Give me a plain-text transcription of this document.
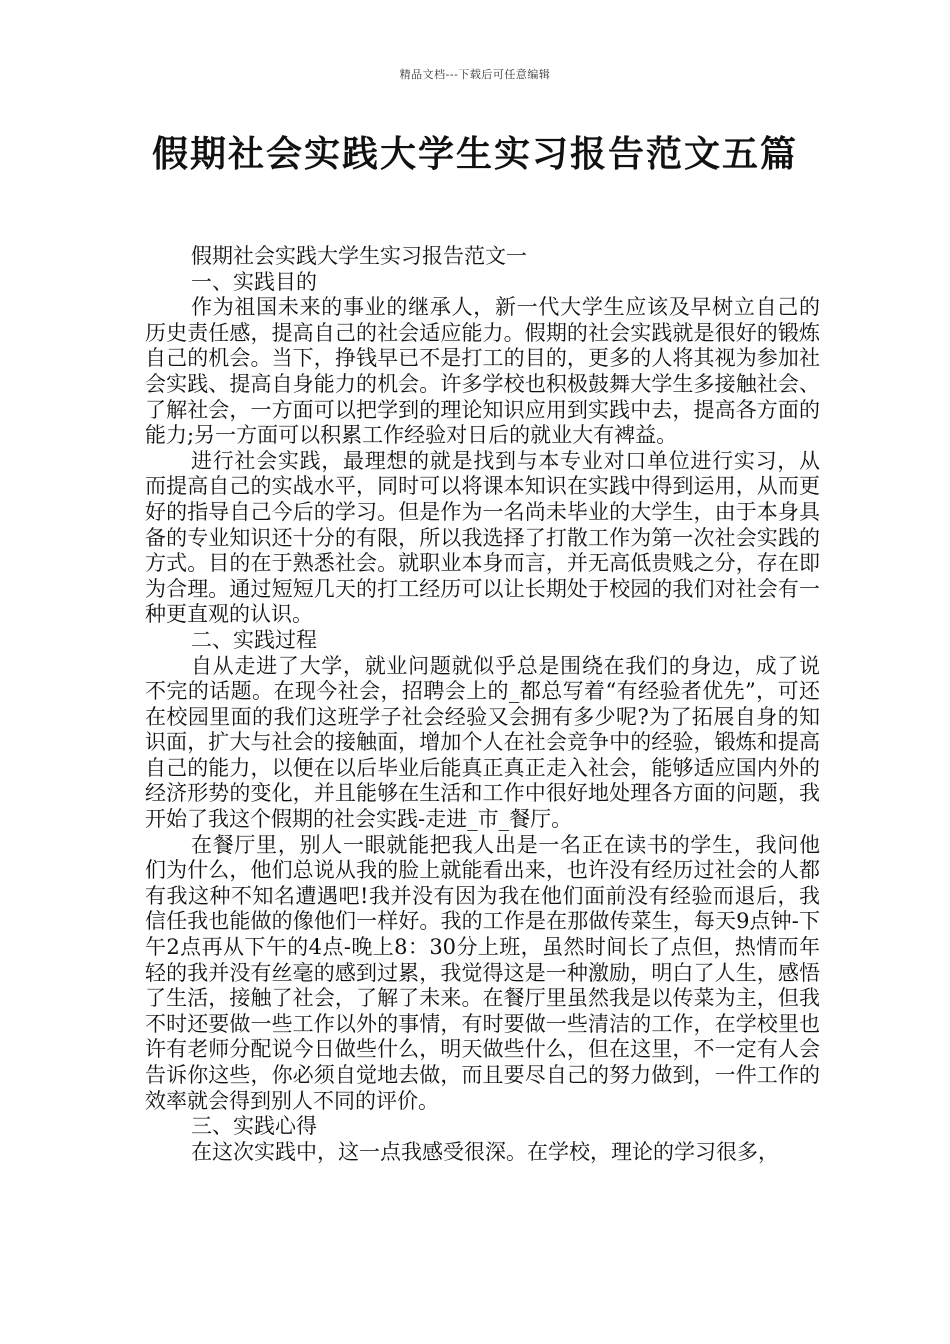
精品文档---下载后可任意编辑
假期社会实践大学生实习报告范文五篇

假期社会实践大学生实习报告范文一

一、实践目的

作为祖国未来的事业的继承人，新一代大学生应该及早树立自己的历史责任感，提高自己的社会适应能力。假期的社会实践就是很好的锻炼自己的机会。当下，挣钱早已不是打工的目的，更多的人将其视为参加社会实践、提高自身能力的机会。许多学校也积极鼓舞大学生多接触社会、了解社会，一方面可以把学到的理论知识应用到实践中去，提高各方面的能力;另一方面可以积累工作经验对日后的就业大有裨益。

进行社会实践，最理想的就是找到与本专业对口单位进行实习，从而提高自己的实战水平，同时可以将课本知识在实践中得到运用，从而更好的指导自己今后的学习。但是作为一名尚未毕业的大学生，由于本身具备的专业知识还十分的有限，所以我选择了打散工作为第一次社会实践的方式。目的在于熟悉社会。就职业本身而言，并无高低贵贱之分，存在即为合理。通过短短几天的打工经历可以让长期处于校园的我们对社会有一种更直观的认识。

二、实践过程

自从走进了大学，就业问题就似乎总是围绕在我们的身边，成了说不完的话题。在现今社会，招聘会上的_都总写着“有经验者优先”，可还在校园里面的我们这班学子社会经验又会拥有多少呢?为了拓展自身的知识面，扩大与社会的接触面，增加个人在社会竞争中的经验，锻炼和提高自己的能力，以便在以后毕业后能真正真正走入社会，能够适应国内外的经济形势的变化，并且能够在生活和工作中很好地处理各方面的问题，我开始了我这个假期的社会实践-走进_市_餐厅。

在餐厅里，别人一眼就能把我人出是一名正在读书的学生，我问他们为什么，他们总说从我的脸上就能看出来，也许没有经历过社会的人都有我这种不知名遭遇吧!我并没有因为我在他们面前没有经验而退后，我信任我也能做的像他们一样好。我的工作是在那做传菜生，每天9点钟-下午2点再从下午的4点-晚上8：30分上班，虽然时间长了点但，热情而年轻的我并没有丝毫的感到过累，我觉得这是一种激励，明白了人生，感悟了生活，接触了社会，了解了未来。在餐厅里虽然我是以传菜为主，但我不时还要做一些工作以外的事情，有时要做一些清洁的工作，在学校里也许有老师分配说今日做些什么，明天做些什么，但在这里，不一定有人会告诉你这些，你必须自觉地去做，而且要尽自己的努力做到，一件工作的效率就会得到别人不同的评价。

三、实践心得

在这次实践中，这一点我感受很深。在学校，理论的学习很多，
